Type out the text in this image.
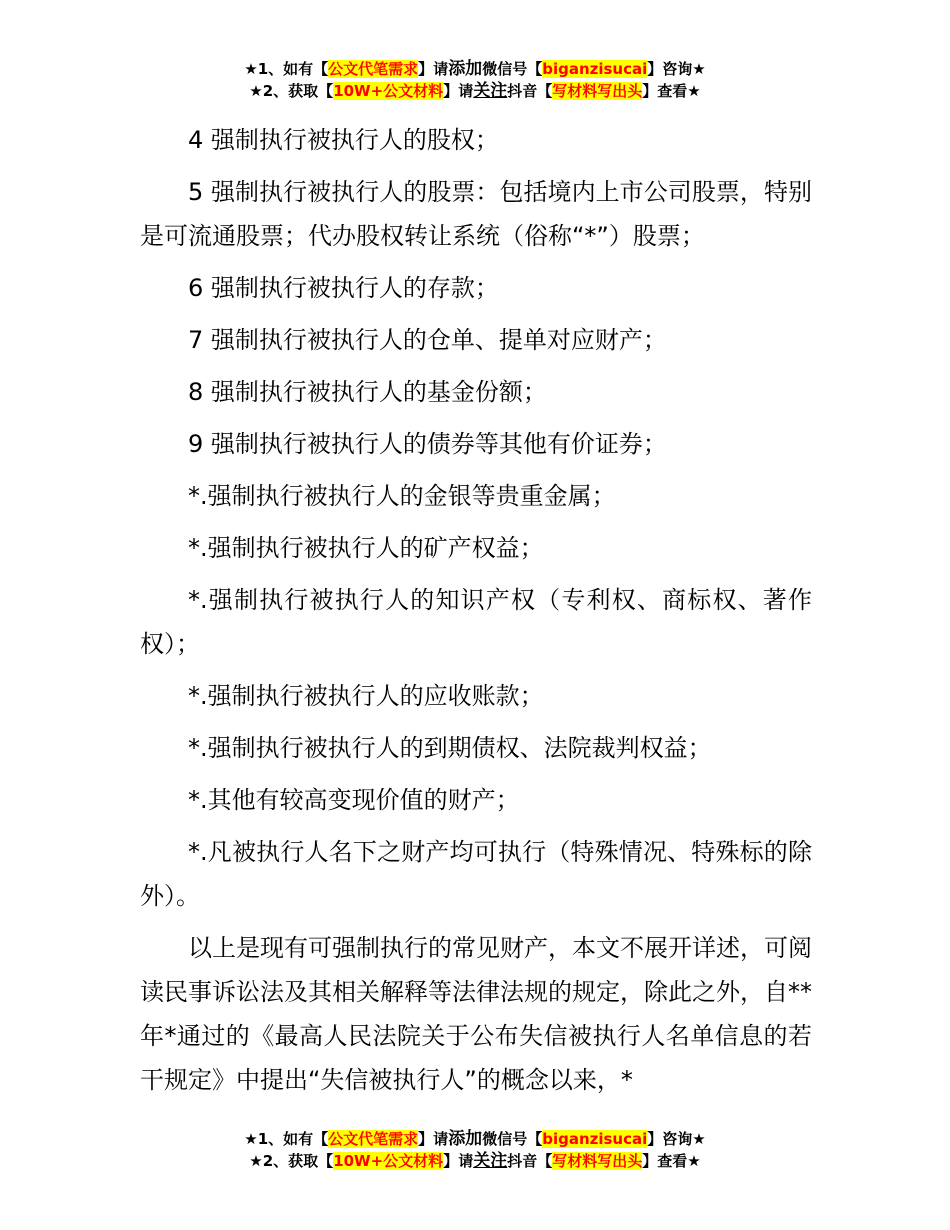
★1、如有【公文代笔需求】请添加微信号【biganzisucai】咨询★
★2、获取【10W+公文材料】请关注抖音【写材料写出头】查看★

4 强制执行被执行人的股权；

5 强制执行被执行人的股票：包括境内上市公司股票，特别是可流通股票；代办股权转让系统（俗称“*”）股票；

6 强制执行被执行人的存款；

7 强制执行被执行人的仓单、提单对应财产；

8 强制执行被执行人的基金份额；

9 强制执行被执行人的债券等其他有价证券；

*.强制执行被执行人的金银等贵重金属；

*.强制执行被执行人的矿产权益；

*.强制执行被执行人的知识产权（专利权、商标权、著作权）；

*.强制执行被执行人的应收账款；

*.强制执行被执行人的到期债权、法院裁判权益；

*.其他有较高变现价值的财产；

*.凡被执行人名下之财产均可执行（特殊情况、特殊标的除外）。

以上是现有可强制执行的常见财产，本文不展开详述，可阅读民事诉讼法及其相关解释等法律法规的规定，除此之外，自**年*通过的《最高人民法院关于公布失信被执行人名单信息的若干规定》中提出“失信被执行人”的概念以来，*

★1、如有【公文代笔需求】请添加微信号【biganzisucai】咨询★
★2、获取【10W+公文材料】请关注抖音【写材料写出头】查看★
